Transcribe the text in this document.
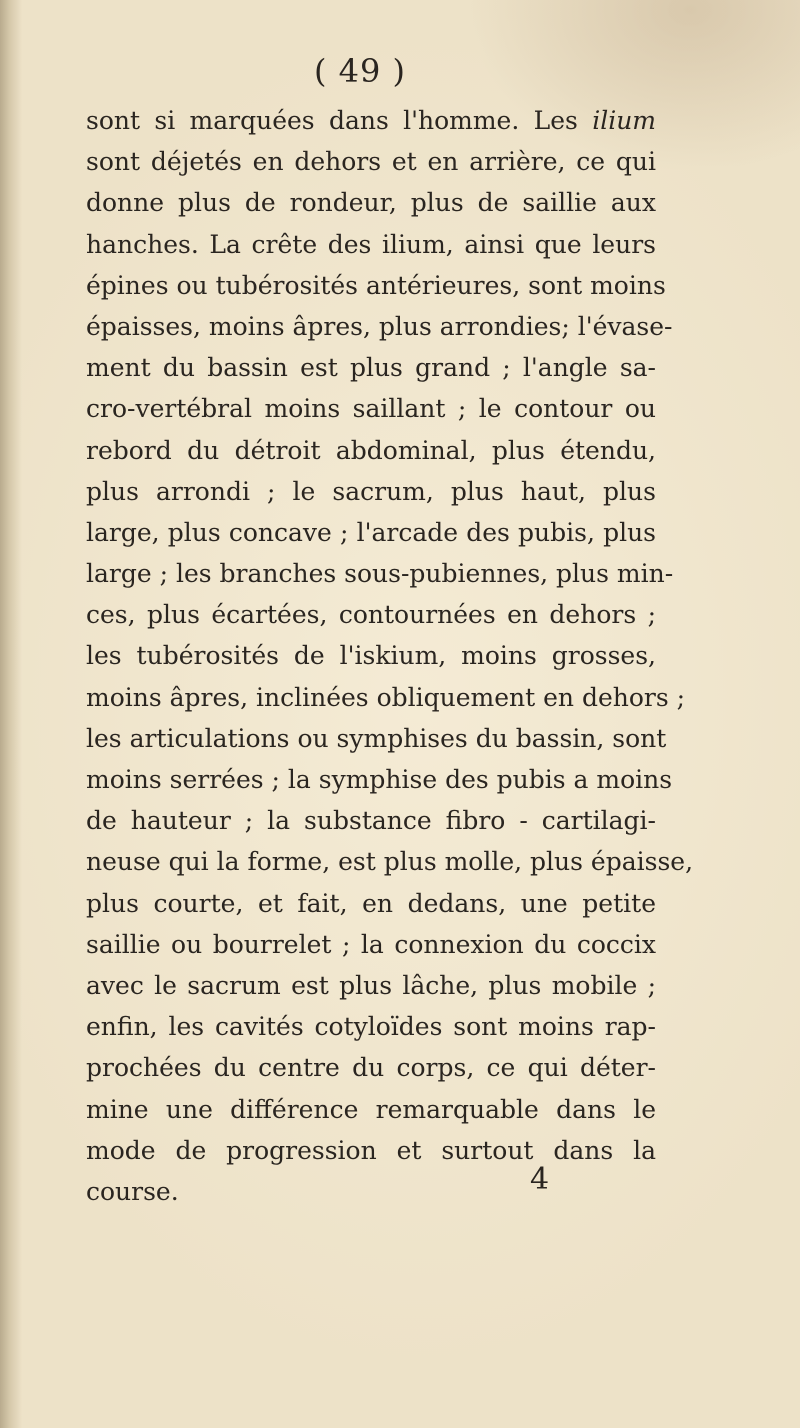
( 49 )
sont si marquées dans l'homme. Les ilium
sont déjetés en dehors et en arrière, ce qui
donne plus de rondeur, plus de saillie aux
hanches. La crête des ilium, ainsi que leurs
épines ou tubérosités antérieures, sont moins
épaisses, moins âpres, plus arrondies; l'évase-
ment du bassin est plus grand ; l'angle sa-
cro-vertébral moins saillant ; le contour ou
rebord du détroit abdominal, plus étendu,
plus arrondi ; le sacrum, plus haut, plus
large, plus concave ; l'arcade des pubis, plus
large ; les branches sous-pubiennes, plus min-
ces, plus écartées, contournées en dehors ;
les tubérosités de l'iskium, moins grosses,
moins âpres, inclinées obliquement en dehors ;
les articulations ou symphises du bassin, sont
moins serrées ; la symphise des pubis a moins
de hauteur ; la substance fibro - cartilagi-
neuse qui la forme, est plus molle, plus épaisse,
plus courte, et fait, en dedans, une petite
saillie ou bourrelet ; la connexion du coccix
avec le sacrum est plus lâche, plus mobile ;
enfin, les cavités cotyloïdes sont moins rap-
prochées du centre du corps, ce qui déter-
mine une différence remarquable dans le
mode de progression et surtout dans la
course.	4
